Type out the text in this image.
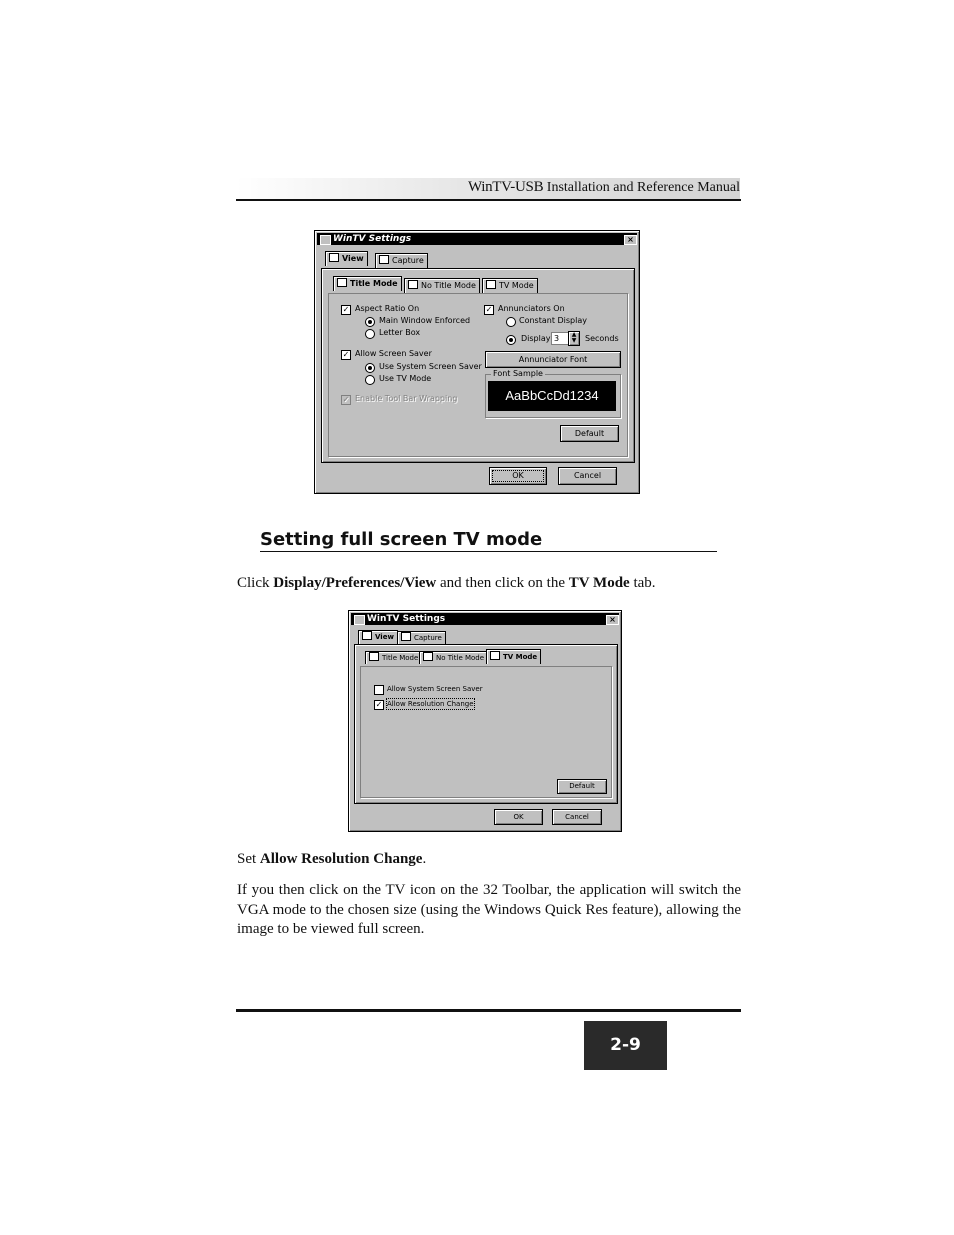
WinTV-USB Installation and Reference Manual
WinTV Settings	×
View	Capture
Title Mode	No Title Mode	TV Mode
✓ Aspect Ratio On
Main Window Enforced
Letter Box
✓ Allow Screen Saver
Use System Screen Saver
Use TV Mode
✓ Enable Tool Bar Wrapping
✓ Annunciators On
Constant Display
Display 3	▲
▼	Seconds
Annunciator Font
Font Sample
AaBbCcDd1234
Default
OK	Cancel
Setting full screen TV mode
Click Display/Preferences/View and then click on the TV Mode tab.
WinTV Settings	×
View	Capture
Title Mode	No Title Mode	TV Mode
Allow System Screen Saver
✓ Allow Resolution Change
Default
OK	Cancel
Set Allow Resolution Change.
If you then click on the TV icon on the 32 Toolbar, the application will switch the VGA mode to the chosen size (using the Windows Quick Res feature), allowing the image to be viewed full screen.
2-9
